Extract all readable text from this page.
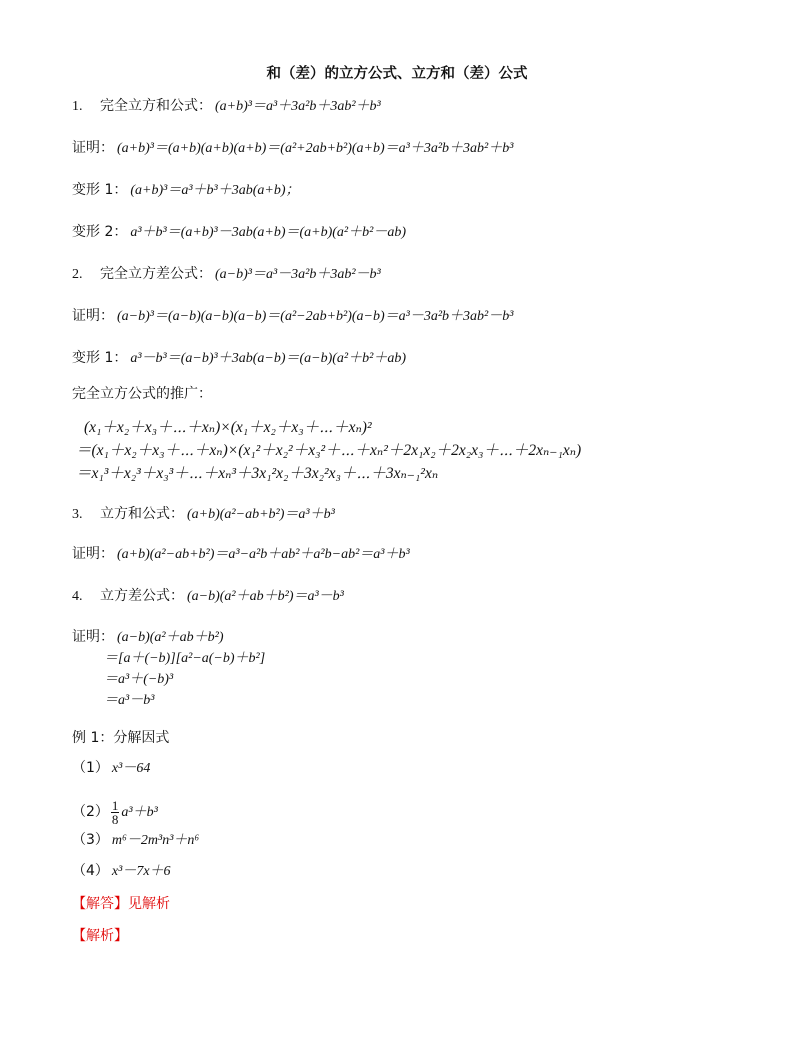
和（差）的立方公式、立方和（差）公式
1. 完全立方和公式： (a+b)³＝a³＋3a²b＋3ab²＋b³
证明： (a+b)³＝(a+b)(a+b)(a+b)＝(a²+2ab+b²)(a+b)＝a³＋3a²b＋3ab²＋b³
变形 1： (a+b)³＝a³＋b³＋3ab(a+b)；
变形 2： a³＋b³＝(a+b)³－3ab(a+b)＝(a+b)(a²＋b²－ab)
2. 完全立方差公式： (a−b)³＝a³－3a²b＋3ab²－b³
证明： (a−b)³＝(a−b)(a−b)(a−b)＝(a²−2ab+b²)(a−b)＝a³－3a²b＋3ab²－b³
变形 1： a³－b³＝(a−b)³＋3ab(a−b)＝(a−b)(a²＋b²＋ab)
完全立方公式的推广：
(x₁＋x₂＋x₃＋⋯＋xₙ)×(x₁＋x₂＋x₃＋⋯＋xₙ)²
＝(x₁＋x₂＋x₃＋⋯＋xₙ)×(x₁²＋x₂²＋x₃²＋⋯＋xₙ²＋2x₁x₂＋2x₂x₃＋⋯＋2xₙ₋₁xₙ)
＝x₁³＋x₂³＋x₃³＋⋯＋xₙ³＋3x₁²x₂＋3x₂²x₃＋⋯＋3xₙ₋₁²xₙ
3. 立方和公式： (a+b)(a²−ab+b²)＝a³＋b³
证明： (a+b)(a²−ab+b²)＝a³−a²b＋ab²＋a²b−ab²＝a³＋b³
4. 立方差公式： (a−b)(a²＋ab＋b²)＝a³－b³
证明： (a−b)(a²＋ab＋b²)
＝[a＋(−b)][a²−a(−b)＋b²]
＝a³＋(−b)³
＝a³－b³
例 1：分解因式
（1） x³－64
$(2) \frac{1}{8} a^3+b^3$
（3） m⁶－2m³n³＋n⁶
（4） x³－7x＋6
【解答】见解析
【解析】
